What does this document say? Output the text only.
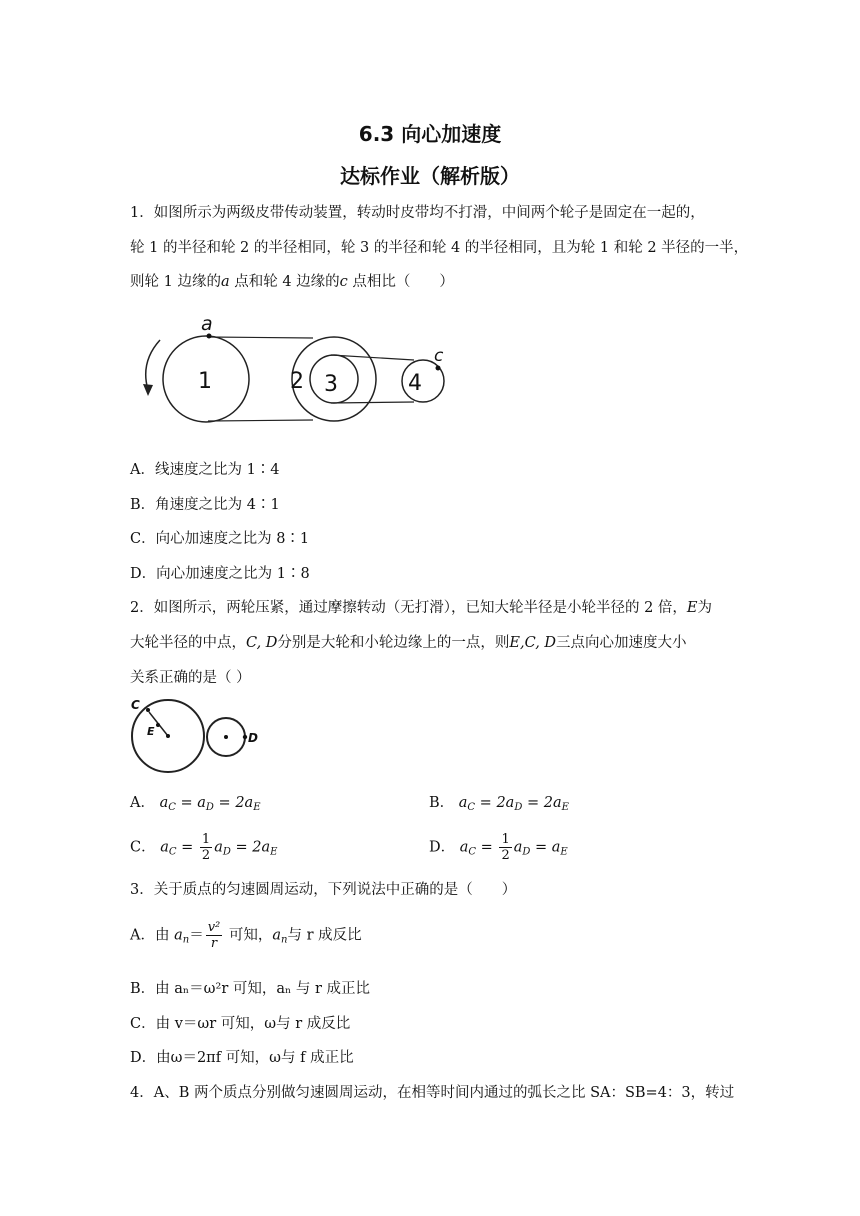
6.3 向心加速度
达标作业（解析版）
1．如图所示为两级皮带传动装置，转动时皮带均不打滑，中间两个轮子是固定在一起的，
轮 1 的半径和轮 2 的半径相同，轮 3 的半径和轮 4 的半径相同，且为轮 1 和轮 2 半径的一半，
则轮 1 边缘的a 点和轮 4 边缘的c 点相比（　　）
a
c
1	2 3	4
A．线速度之比为 1∶4
B．角速度之比为 4∶1
C．向心加速度之比为 8∶1
D．向心加速度之比为 1∶8
2．如图所示，两轮压紧，通过摩擦转动（无打滑），已知大轮半径是小轮半径的 2 倍，E为
大轮半径的中点，C, D分别是大轮和小轮边缘上的一点，则E,C, D三点向心加速度大小
关系正确的是（ ）
C
E	D
A． $a_C = a_D = 2a_E$	B． $a_C = 2a_D = 2a_E$
C． $a_C = \frac{1}{2} a_D = 2a_E$	D． $a_C = \frac{1}{2} a_D = a_E$
3．关于质点的匀速圆周运动，下列说法中正确的是（　　）
A．由 $a_n= \frac{\text{v²}}{r}$ 可知，$a_n$与 r 成反比
B．由 aₙ＝ω²r 可知，aₙ 与 r 成正比
C．由 v＝ωr 可知，ω与 r 成反比
D．由ω＝2πf 可知，ω与 f 成正比
4．A、B 两个质点分别做匀速圆周运动，在相等时间内通过的弧长之比 SA：SB=4：3，转过
